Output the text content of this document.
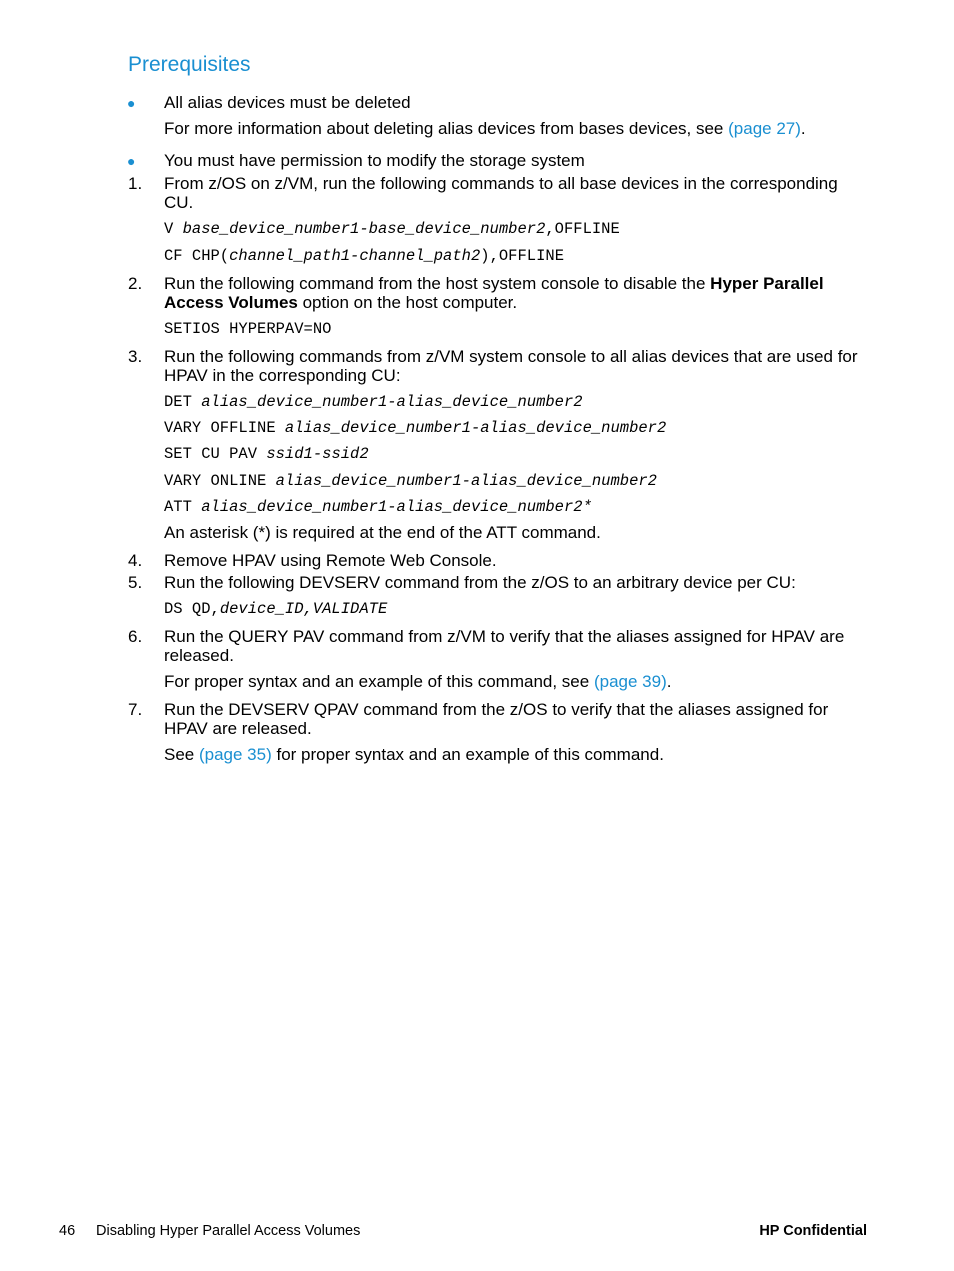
Prerequisites
● All alias devices must be deleted
For more information about deleting alias devices from bases devices, see (page 27).
● You must have permission to modify the storage system
1. From z/OS on z/VM, run the following commands to all base devices in the corresponding CU.
V base_device_number1-base_device_number2,OFFLINE
CF CHP(channel_path1-channel_path2),OFFLINE
2. Run the following command from the host system console to disable the Hyper Parallel Access Volumes option on the host computer.
SETIOS HYPERPAV=NO
3. Run the following commands from z/VM system console to all alias devices that are used for HPAV in the corresponding CU:
DET alias_device_number1-alias_device_number2
VARY OFFLINE alias_device_number1-alias_device_number2
SET CU PAV ssid1-ssid2
VARY ONLINE alias_device_number1-alias_device_number2
ATT alias_device_number1-alias_device_number2*
An asterisk (*) is required at the end of the ATT command.
4. Remove HPAV using Remote Web Console.
5. Run the following DEVSERV command from the z/OS to an arbitrary device per CU:
DS QD,device_ID,VALIDATE
6. Run the QUERY PAV command from z/VM to verify that the aliases assigned for HPAV are released.
For proper syntax and an example of this command, see (page 39).
7. Run the DEVSERV QPAV command from the z/OS to verify that the aliases assigned for HPAV are released.
See (page 35) for proper syntax and an example of this command.
46 Disabling Hyper Parallel Access Volumes	HP Confidential
